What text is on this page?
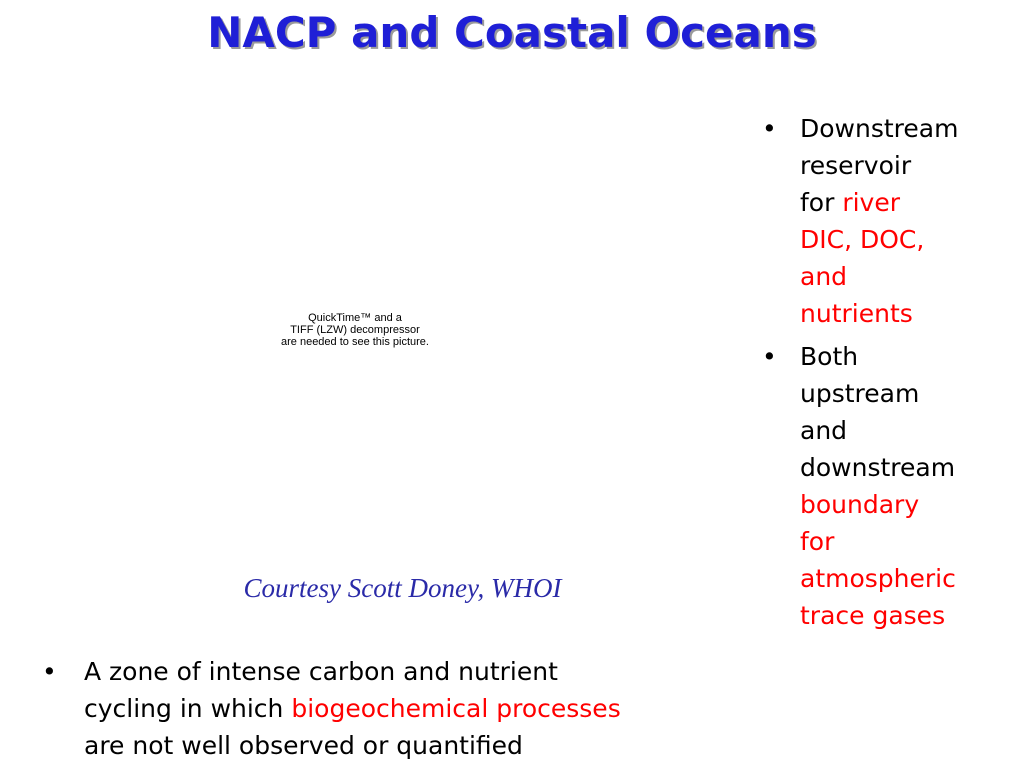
NACP and Coastal Oceans
QuickTime™ and a
TIFF (LZW) decompressor
are needed to see this picture.
Courtesy Scott Doney, WHOI
• Downstream
reservoir
for river
DIC, DOC,
and
nutrients
• Both
upstream
and
downstream
boundary
for
atmospheric
trace gases
• A zone of intense carbon and nutrient
cycling in which biogeochemical processes
are not well observed or quantified
